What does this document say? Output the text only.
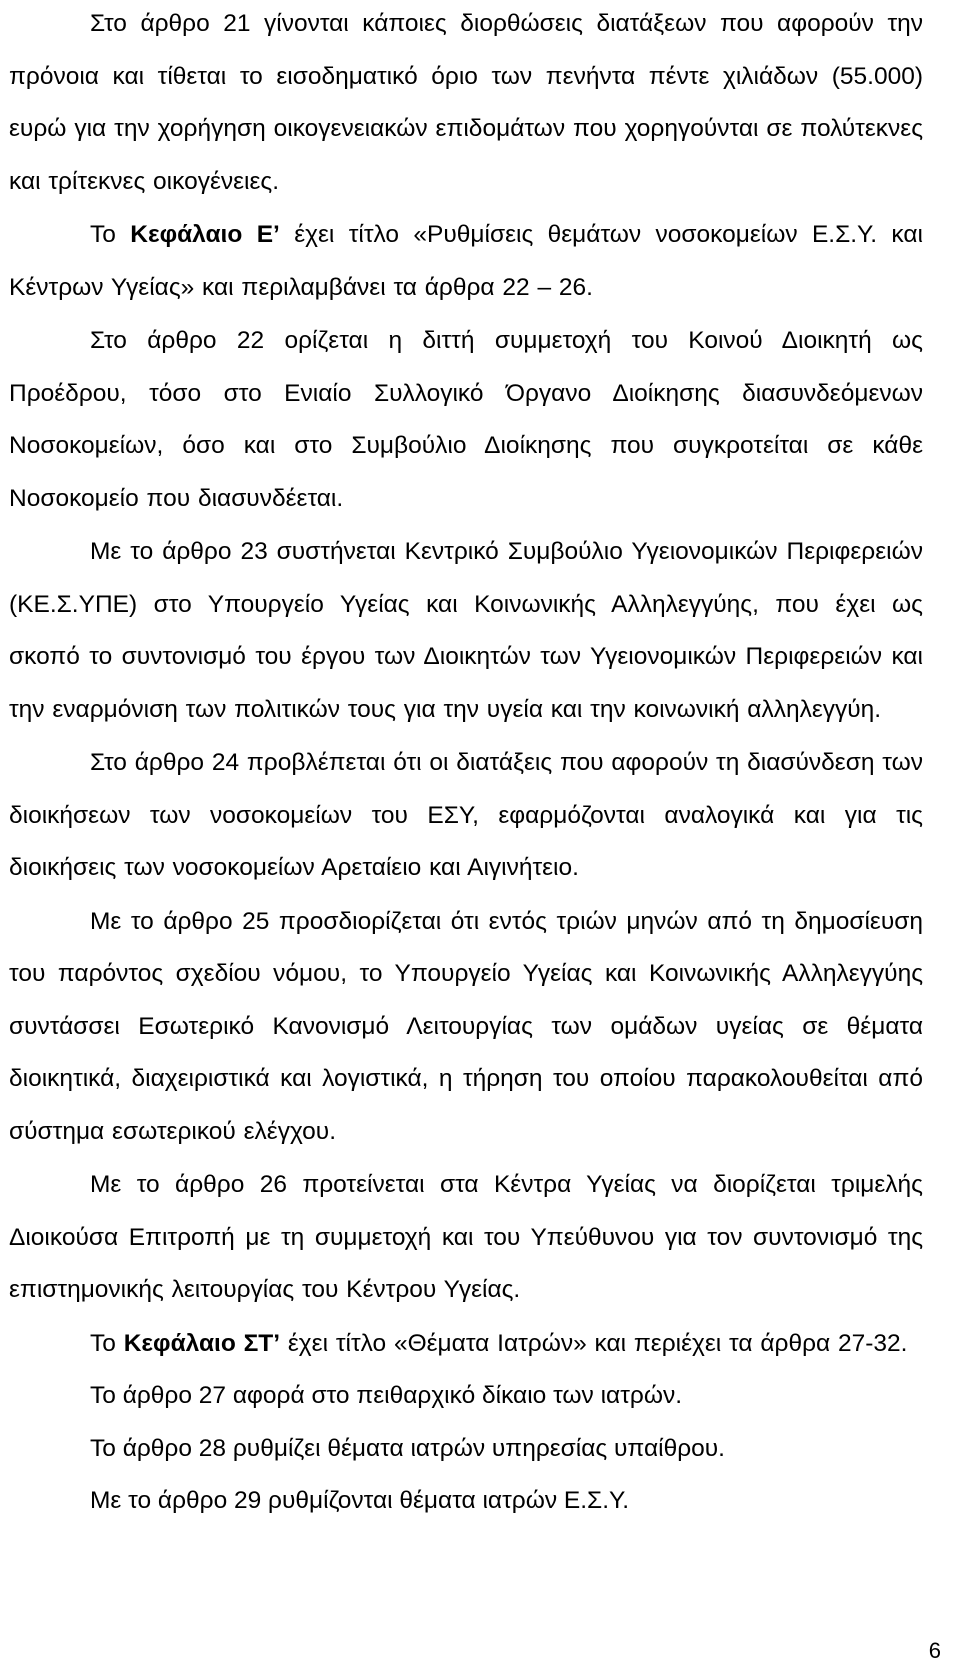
Στο άρθρο 21 γίνονται κάποιες διορθώσεις διατάξεων που αφορούν την πρόνοια και τίθεται το εισοδηματικό όριο των πενήντα πέντε χιλιάδων (55.000) ευρώ για την χορήγηση οικογενειακών επιδομάτων που χορηγούνται σε πολύτεκνες και τρίτεκνες οικογένειες.

Το Κεφάλαιο Ε’ έχει τίτλο «Ρυθμίσεις θεμάτων νοσοκομείων Ε.Σ.Υ. και Κέντρων Υγείας» και περιλαμβάνει τα άρθρα 22 – 26.

Στο άρθρο 22 ορίζεται η διττή συμμετοχή του Κοινού Διοικητή ως Προέδρου, τόσο στο Ενιαίο Συλλογικό Όργανο Διοίκησης διασυνδεόμενων Νοσοκομείων, όσο και στο Συμβούλιο Διοίκησης που συγκροτείται σε κάθε Νοσοκομείο που διασυνδέεται.

Με το άρθρο 23 συστήνεται Κεντρικό Συμβούλιο Υγειονομικών Περιφερειών (ΚΕ.Σ.ΥΠΕ) στο Υπουργείο Υγείας και Κοινωνικής Αλληλεγγύης, που έχει ως σκοπό το συντονισμό του έργου των Διοικητών των Υγειονομικών Περιφερειών και την εναρμόνιση των πολιτικών τους για την υγεία και την κοινωνική αλληλεγγύη.

Στο άρθρο 24 προβλέπεται ότι οι διατάξεις που αφορούν τη διασύνδεση των διοικήσεων των νοσοκομείων του ΕΣΥ, εφαρμόζονται αναλογικά και για τις διοικήσεις των νοσοκομείων Αρεταίειο και Αιγινήτειο.

Με το άρθρο 25 προσδιορίζεται ότι εντός τριών μηνών από τη δημοσίευση του παρόντος σχεδίου νόμου, το Υπουργείο Υγείας και Κοινωνικής Αλληλεγγύης συντάσσει Εσωτερικό Κανονισμό Λειτουργίας των ομάδων υγείας σε θέματα διοικητικά, διαχειριστικά και λογιστικά, η τήρηση του οποίου παρακολουθείται από σύστημα εσωτερικού ελέγχου.

Με το άρθρο 26 προτείνεται στα Κέντρα Υγείας να διορίζεται τριμελής Διοικούσα Επιτροπή με τη συμμετοχή και του Υπεύθυνου για τον συντονισμό της επιστημονικής λειτουργίας του Κέντρου Υγείας.

Το Κεφάλαιο ΣΤ’ έχει τίτλο «Θέματα Ιατρών» και περιέχει τα άρθρα 27-32.

Το άρθρο 27 αφορά στο πειθαρχικό δίκαιο των ιατρών.

Το άρθρο 28 ρυθμίζει θέματα ιατρών υπηρεσίας υπαίθρου.

Με το άρθρο 29 ρυθμίζονται θέματα ιατρών Ε.Σ.Υ.

6
